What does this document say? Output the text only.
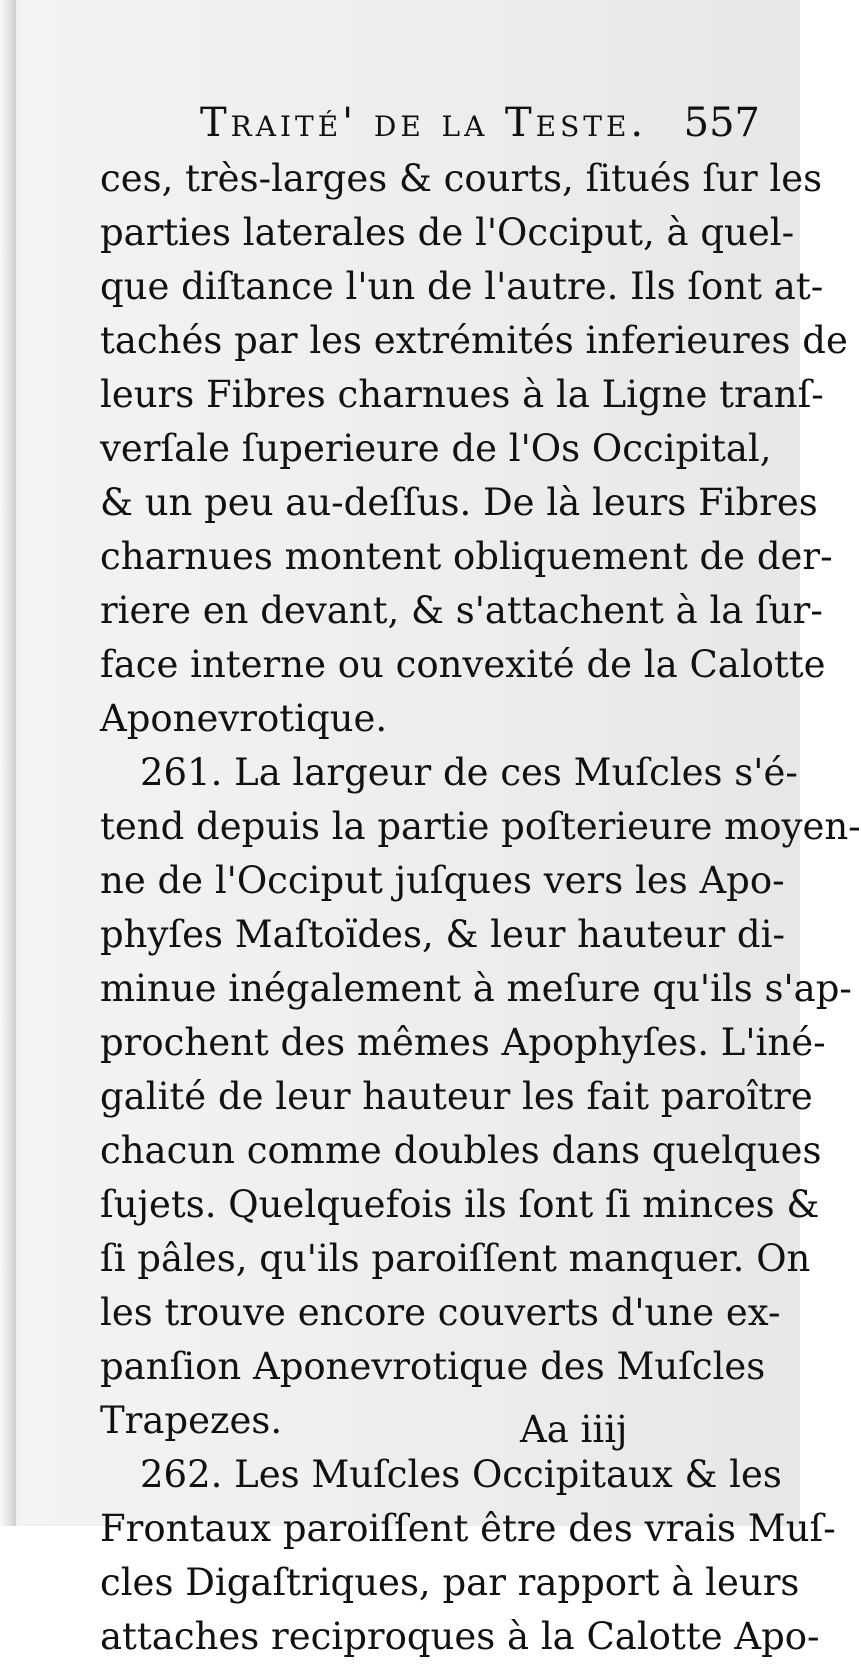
Traité' de la Teste. 557
ces, très-larges & courts, ſitués ſur les
parties laterales de l'Occiput, à quel-
que diſtance l'un de l'autre. Ils ſont at-
tachés par les extrémités inferieures de
leurs Fibres charnues à la Ligne tranſ-
verſale ſuperieure de l'Os Occipital,
& un peu au-deſſus. De là leurs Fibres
charnues montent obliquement de der-
riere en devant, & s'attachent à la ſur-
face interne ou convexité de la Calotte
Aponevrotique.
261. La largeur de ces Muſcles s'é-
tend depuis la partie poſterieure moyen-
ne de l'Occiput juſques vers les Apo-
phyſes Maſtoïdes, & leur hauteur di-
minue inégalement à meſure qu'ils s'ap-
prochent des mêmes Apophyſes. L'iné-
galité de leur hauteur les fait paroître
chacun comme doubles dans quelques
ſujets. Quelquefois ils ſont ſi minces &
ſi pâles, qu'ils paroiſſent manquer. On
les trouve encore couverts d'une ex-
panſion Aponevrotique des Muſcles
Trapezes.
262. Les Muſcles Occipitaux & les
Frontaux paroiſſent être des vrais Muſ-
cles Digaſtriques, par rapport à leurs
attaches reciproques à la Calotte Apo-
Aa iiij
